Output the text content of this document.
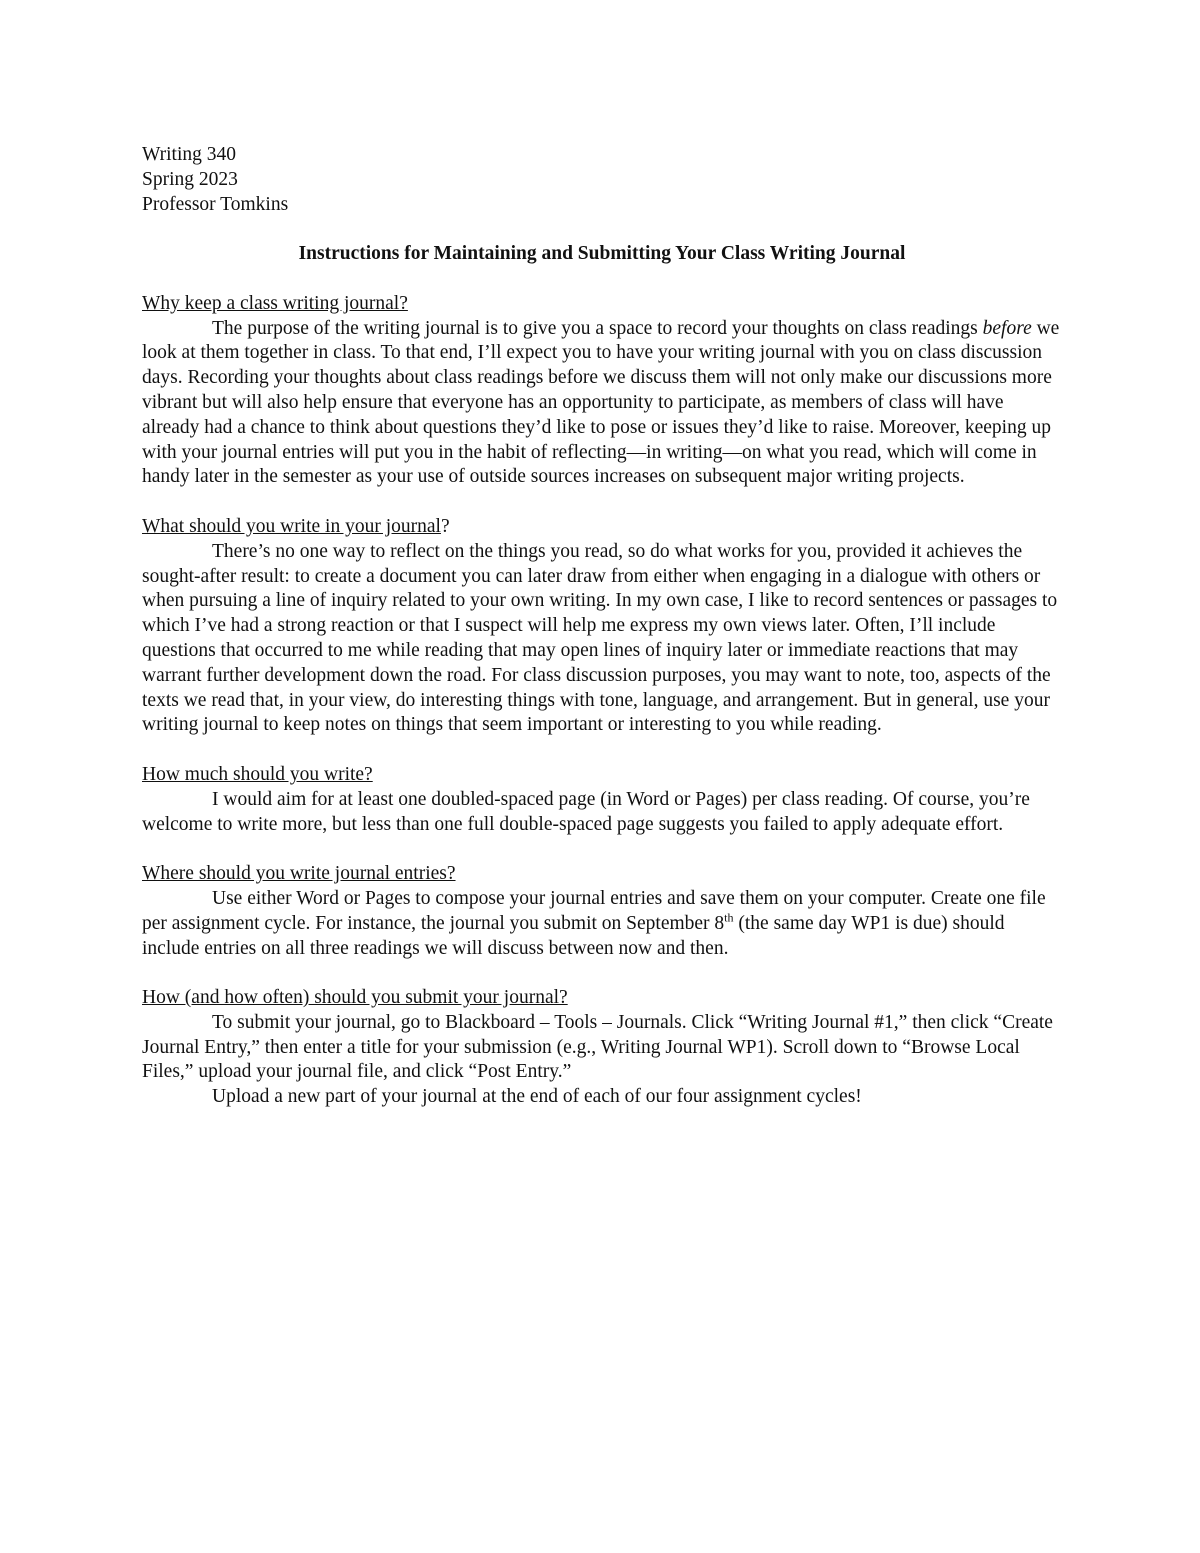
Writing 340
Spring 2023
Professor Tomkins
Instructions for Maintaining and Submitting Your Class Writing Journal
Why keep a class writing journal?

The purpose of the writing journal is to give you a space to record your thoughts on class readings before we look at them together in class. To that end, I’ll expect you to have your writing journal with you on class discussion days. Recording your thoughts about class readings before we discuss them will not only make our discussions more vibrant but will also help ensure that everyone has an opportunity to participate, as members of class will have already had a chance to think about questions they’d like to pose or issues they’d like to raise. Moreover, keeping up with your journal entries will put you in the habit of reflecting—in writing—on what you read, which will come in handy later in the semester as your use of outside sources increases on subsequent major writing projects.

What should you write in your journal?

There’s no one way to reflect on the things you read, so do what works for you, provided it achieves the sought-after result: to create a document you can later draw from either when engaging in a dialogue with others or when pursuing a line of inquiry related to your own writing. In my own case, I like to record sentences or passages to which I’ve had a strong reaction or that I suspect will help me express my own views later. Often, I’ll include questions that occurred to me while reading that may open lines of inquiry later or immediate reactions that may warrant further development down the road. For class discussion purposes, you may want to note, too, aspects of the texts we read that, in your view, do interesting things with tone, language, and arrangement. But in general, use your writing journal to keep notes on things that seem important or interesting to you while reading.

How much should you write?

I would aim for at least one doubled-spaced page (in Word or Pages) per class reading. Of course, you’re welcome to write more, but less than one full double-spaced page suggests you failed to apply adequate effort.

Where should you write journal entries?

Use either Word or Pages to compose your journal entries and save them on your computer. Create one file per assignment cycle. For instance, the journal you submit on September 8th (the same day WP1 is due) should include entries on all three readings we will discuss between now and then.

How (and how often) should you submit your journal?

To submit your journal, go to Blackboard – Tools – Journals. Click “Writing Journal #1,” then click “Create Journal Entry,” then enter a title for your submission (e.g., Writing Journal WP1). Scroll down to “Browse Local Files,” upload your journal file, and click “Post Entry.”

Upload a new part of your journal at the end of each of our four assignment cycles!
